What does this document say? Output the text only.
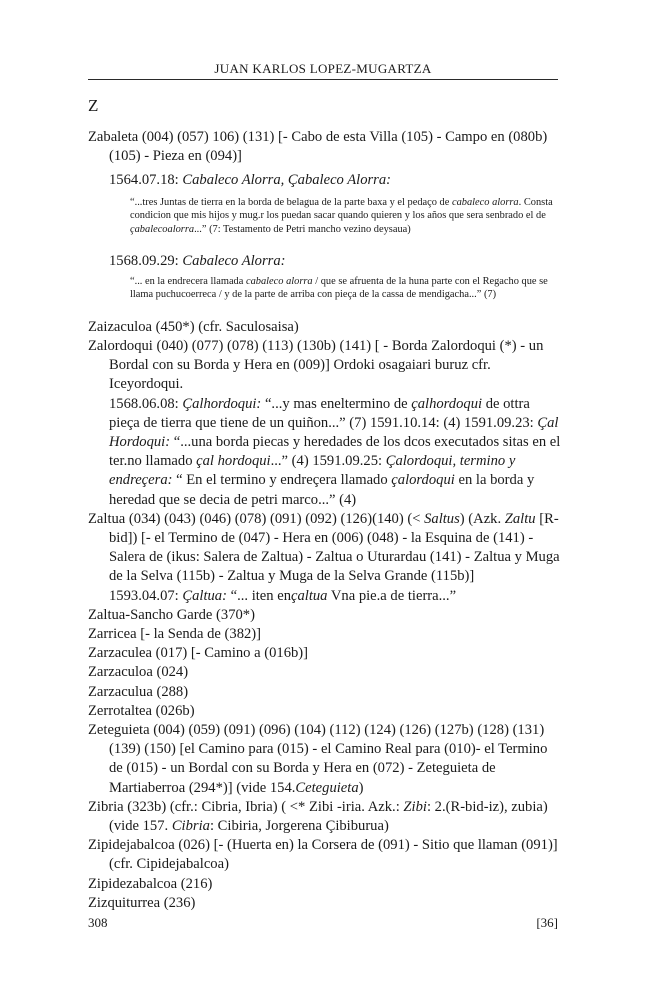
JUAN KARLOS LOPEZ-MUGARTZA
Z
Zabaleta (004) (057) 106) (131) [- Cabo de esta Villa (105) - Campo en (080b) (105) - Pieza en (094)]
1564.07.18: Cabaleco Alorra, Çabaleco Alorra:
“...tres Juntas de tierra en la borda de belagua de la parte baxa y el pedaço de cabaleco alorra. Consta condicion que mis hijos y mug.r los puedan sacar quando quieren y los años que sera senbrado el de çabalecoalorra...” (7: Testamento de Petri mancho vezino deysaua)
1568.09.29: Cabaleco Alorra:
“... en la endrecera llamada cabaleco alorra / que se afruenta de la huna parte con el Regacho que se llama puchucoerreca / y de la parte de arriba con pieça de la cassa de mendigacha...” (7)
Zaizaculoa (450*) (cfr. Saculosaisa)
Zalordoqui (040) (077) (078) (113) (130b) (141) [ - Borda Zalordoqui (*) - un Bordal con su Borda y Hera en (009)] Ordoki osagaiari buruz cfr. Iceyordoqui.
1568.06.08: Çalhordoqui: “...y mas eneltermino de çalhordoqui de ottra pieça de tierra que tiene de un quiñon...” (7) 1591.10.14: (4) 1591.09.23: Çal Hordoqui: “...una borda piecas y heredades de los dcos executados sitas en el ter.no llamado çal hordoqui...” (4) 1591.09.25: Çalordoqui, termino y endreçera: “ En el termino y endreçera llamado çalordoqui en la borda y heredad que se decia de petri marco...” (4)
Zaltua (034) (043) (046) (078) (091) (092) (126)(140) (< Saltus) (Azk. Zaltu [R-bid]) [- el Termino de (047) - Hera en (006) (048) - la Esquina de (141) - Salera de (ikus: Salera de Zaltua) - Zaltua o Uturardau (141) - Zaltua y Muga de la Selva (115b) - Zaltua y Muga de la Selva Grande (115b)]
1593.04.07: Çaltua: “... iten ençaltua Vna pie.a de tierra...”
Zaltua-Sancho Garde (370*)
Zarricea [- la Senda de (382)]
Zarzaculea (017) [- Camino a (016b)]
Zarzaculoa (024)
Zarzaculua (288)
Zerrotaltea (026b)
Zeteguieta (004) (059) (091) (096) (104) (112) (124) (126) (127b) (128) (131) (139) (150) [el Camino para (015) - el Camino Real para (010)- el Termino de (015) - un Bordal con su Borda y Hera en (072) - Zeteguieta de Martiaberroa (294*)] (vide 154.Ceteguieta)
Zibria (323b) (cfr.: Cibria, Ibria) ( <* Zibi -iria. Azk.: Zibi: 2.(R-bid-iz), zubia) (vide 157. Cibria: Cibiria, Jorgerena Çibiburua)
Zipidejabalcoa (026) [- (Huerta en) la Corsera de (091) - Sitio que llaman (091)] (cfr. Cipidejabalcoa)
Zipidezabalcoa (216)
Zizquiturrea (236)
308	[36]
